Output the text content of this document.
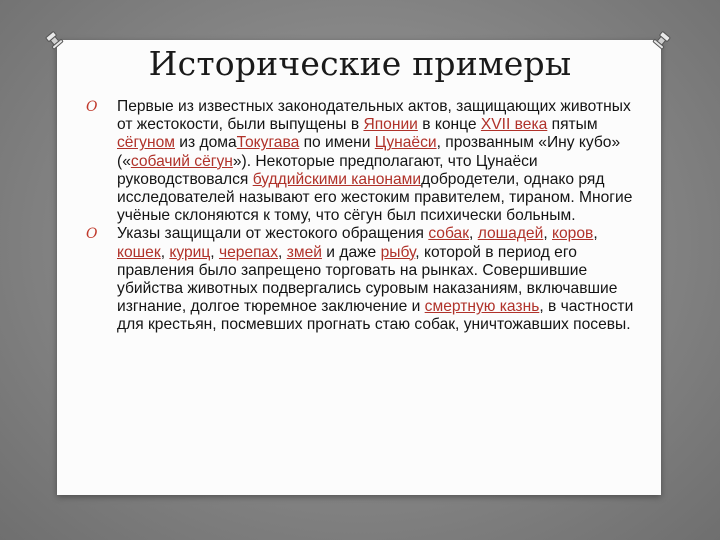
Исторические примеры
O Первые из известных законодательных актов, защищающих животных от жестокости, были выпущены в Японии в конце XVII века пятым сёгуном из домаТокугава по имени Цунаёси, прозванным «Ину кубо» («собачий сёгун»). Некоторые предполагают, что Цунаёси руководствовался буддийскими канонамидобродетели, однако ряд исследователей называют его жестоким правителем, тираном. Многие учёные склоняются к тому, что сёгун был психически больным.
O Указы защищали от жестокого обращения собак, лошадей, коров, кошек, куриц, черепах, змей и даже рыбу, которой в период его правления было запрещено торговать на рынках. Совершившие убийства животных подвергались суровым наказаниям, включавшие изгнание, долгое тюремное заключение и смертную казнь, в частности для крестьян, посмевших прогнать стаю собак, уничтожавших посевы.
